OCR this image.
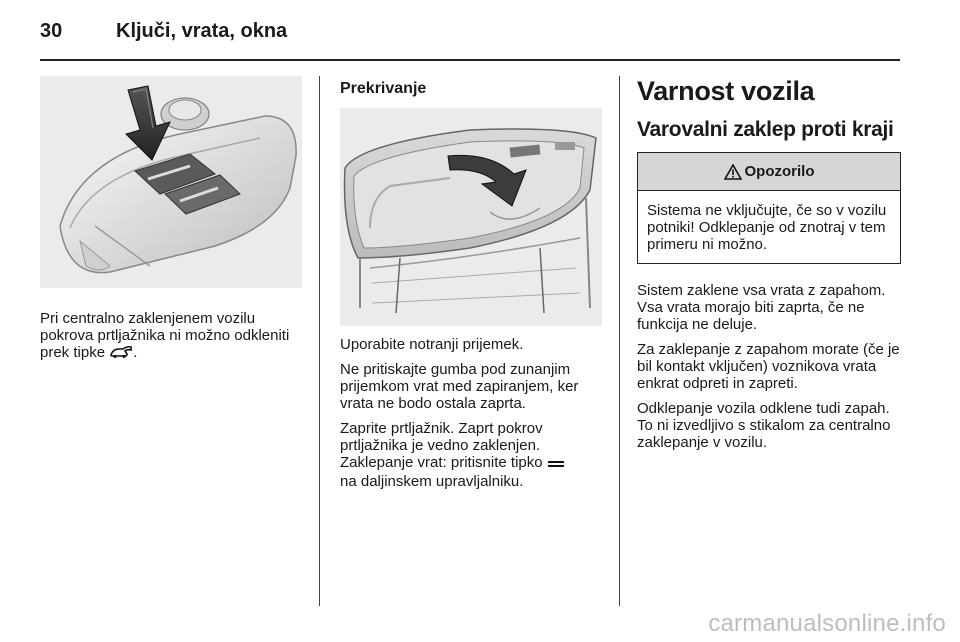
30	Ključi, vrata, okna

Pri centralno zaklenjenem vozilu pokrova prtljažnika ni možno odkleniti prek tipke .

Prekrivanje

Uporabite notranji prijemek.

Ne pritiskajte gumba pod zunanjim prijemkom vrat med zapiranjem, ker vrata ne bodo ostala zaprta.

Zaprite prtljažnik. Zaprt pokrov prtljažnika je vedno zaklenjen.

Zaklepanje vrat: pritisnite tipko
na daljinskem upravljalniku.

Varnost vozila
Varovalni zaklep proti kraji
Opozorilo
Sistema ne vključujte, če so v vozilu potniki! Odklepanje od znotraj v tem primeru ni možno.

Sistem zaklene vsa vrata z zapahom. Vsa vrata morajo biti zaprta, če ne funkcija ne deluje.

Za zaklepanje z zapahom morate (če je bil kontakt vključen) voznikova vrata enkrat odpreti in zapreti.

Odklepanje vozila odklene tudi zapah. To ni izvedljivo s stikalom za centralno zaklepanje v vozilu.

carmanualsonline.info
